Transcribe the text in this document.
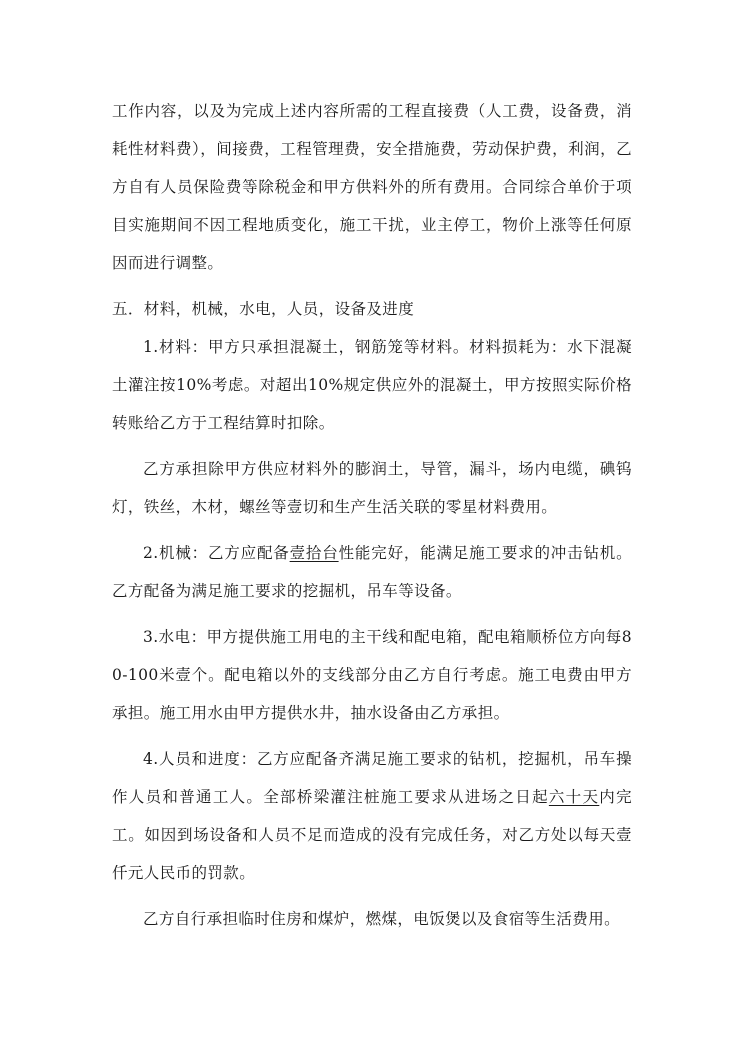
工作内容，以及为完成上述内容所需的工程直接费（人工费，设备费，消耗性材料费），间接费，工程管理费，安全措施费，劳动保护费，利润，乙方自有人员保险费等除税金和甲方供料外的所有费用。合同综合单价于项目实施期间不因工程地质变化，施工干扰，业主停工，物价上涨等任何原因而进行调整。

五．材料，机械，水电，人员，设备及进度

1.材料：甲方只承担混凝土，钢筋笼等材料。材料损耗为：水下混凝土灌注按10%考虑。对超出10%规定供应外的混凝土，甲方按照实际价格转账给乙方于工程结算时扣除。

乙方承担除甲方供应材料外的膨润土，导管，漏斗，场内电缆，碘钨灯，铁丝，木材，螺丝等壹切和生产生活关联的零星材料费用。

2.机械：乙方应配备壹拾台性能完好，能满足施工要求的冲击钻机。乙方配备为满足施工要求的挖掘机，吊车等设备。

3.水电：甲方提供施工用电的主干线和配电箱，配电箱顺桥位方向每80-100米壹个。配电箱以外的支线部分由乙方自行考虑。施工电费由甲方承担。施工用水由甲方提供水井，抽水设备由乙方承担。

4.人员和进度：乙方应配备齐满足施工要求的钻机，挖掘机，吊车操作人员和普通工人。全部桥梁灌注桩施工要求从进场之日起六十天内完工。如因到场设备和人员不足而造成的没有完成任务，对乙方处以每天壹仟元人民币的罚款。

乙方自行承担临时住房和煤炉，燃煤，电饭煲以及食宿等生活费用。
